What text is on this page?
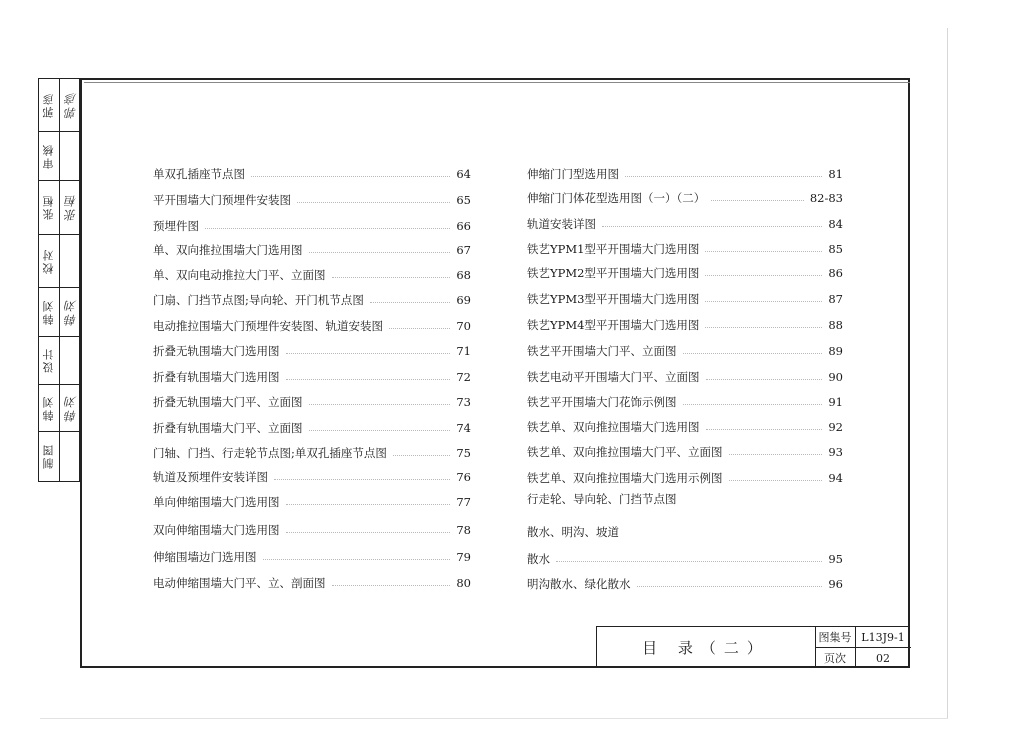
郭彦 郭彦
审核
张桓 张桓
校对
韩刘 韩刘
设计
韩刘 韩刘
制图
单双孔插座节点图	64
平开围墙大门预埋件安装图	65
预埋件图	66
单、双向推拉围墙大门选用图	67
单、双向电动推拉大门平、立面图	68
门扇、门挡节点图;导向轮、开门机节点图	69
电动推拉围墙大门预埋件安装图、轨道安装图	70
折叠无轨围墙大门选用图	71
折叠有轨围墙大门选用图	72
折叠无轨围墙大门平、立面图	73
折叠有轨围墙大门平、立面图	74
门轴、门挡、行走轮节点图;单双孔插座节点图	75
轨道及预埋件安装详图	76
单向伸缩围墙大门选用图	77
双向伸缩围墙大门选用图	78
伸缩围墙边门选用图	79
电动伸缩围墙大门平、立、剖面图	80
伸缩门门型选用图	81
伸缩门门体花型选用图（一）（二）	82-83
轨道安装详图	84
铁艺YPM1型平开围墙大门选用图	85
铁艺YPM2型平开围墙大门选用图	86
铁艺YPM3型平开围墙大门选用图	87
铁艺YPM4型平开围墙大门选用图	88
铁艺平开围墙大门平、立面图	89
铁艺电动平开围墙大门平、立面图	90
铁艺平开围墙大门花饰示例图	91
铁艺单、双向推拉围墙大门选用图	92
铁艺单、双向推拉围墙大门平、立面图	93
铁艺单、双向推拉围墙大门选用示例图	94
行走轮、导向轮、门挡节点图
散水、明沟、坡道
散水	95
明沟散水、绿化散水	96
目 录（二）
图集号 L13J9-1
页次	02
